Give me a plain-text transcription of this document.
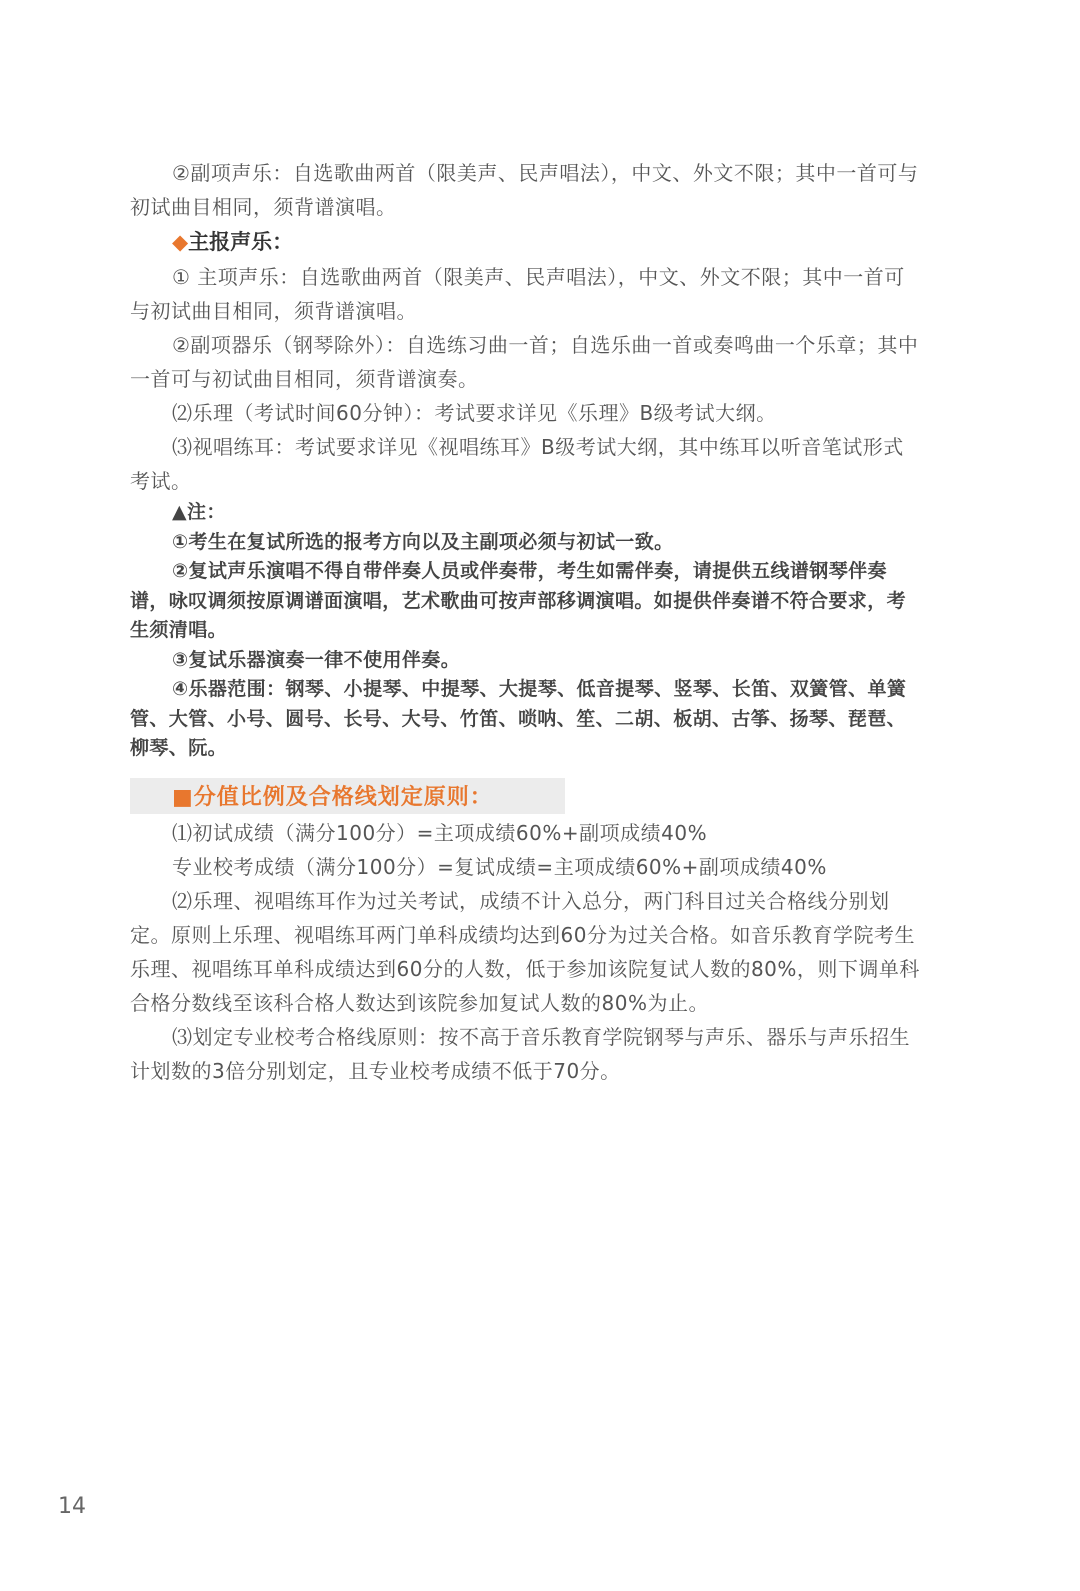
②副项声乐：自选歌曲两首（限美声、民声唱法），中文、外文不限；其中一首可与初试曲目相同，须背谱演唱。

◆主报声乐：

① 主项声乐：自选歌曲两首（限美声、民声唱法），中文、外文不限；其中一首可与初试曲目相同，须背谱演唱。

②副项器乐（钢琴除外）：自选练习曲一首；自选乐曲一首或奏鸣曲一个乐章；其中一首可与初试曲目相同，须背谱演奏。

⑵乐理（考试时间60分钟）：考试要求详见《乐理》B级考试大纲。

⑶视唱练耳：考试要求详见《视唱练耳》B级考试大纲，其中练耳以听音笔试形式考试。

▲注：

①考生在复试所选的报考方向以及主副项必须与初试一致。

②复试声乐演唱不得自带伴奏人员或伴奏带，考生如需伴奏，请提供五线谱钢琴伴奏谱，咏叹调须按原调谱面演唱，艺术歌曲可按声部移调演唱。如提供伴奏谱不符合要求，考生须清唱。

③复试乐器演奏一律不使用伴奏。

④乐器范围：钢琴、小提琴、中提琴、大提琴、低音提琴、竖琴、长笛、双簧管、单簧管、大管、小号、圆号、长号、大号、竹笛、唢呐、笙、二胡、板胡、古筝、扬琴、琵琶、柳琴、阮。

■分值比例及合格线划定原则：

⑴初试成绩（满分100分）=主项成绩60%+副项成绩40%

专业校考成绩（满分100分）=复试成绩=主项成绩60%+副项成绩40%

⑵乐理、视唱练耳作为过关考试，成绩不计入总分，两门科目过关合格线分别划定。原则上乐理、视唱练耳两门单科成绩均达到60分为过关合格。如音乐教育学院考生乐理、视唱练耳单科成绩达到60分的人数，低于参加该院复试人数的80%，则下调单科合格分数线至该科合格人数达到该院参加复试人数的80%为止。

⑶划定专业校考合格线原则：按不高于音乐教育学院钢琴与声乐、器乐与声乐招生计划数的3倍分别划定，且专业校考成绩不低于70分。

14
